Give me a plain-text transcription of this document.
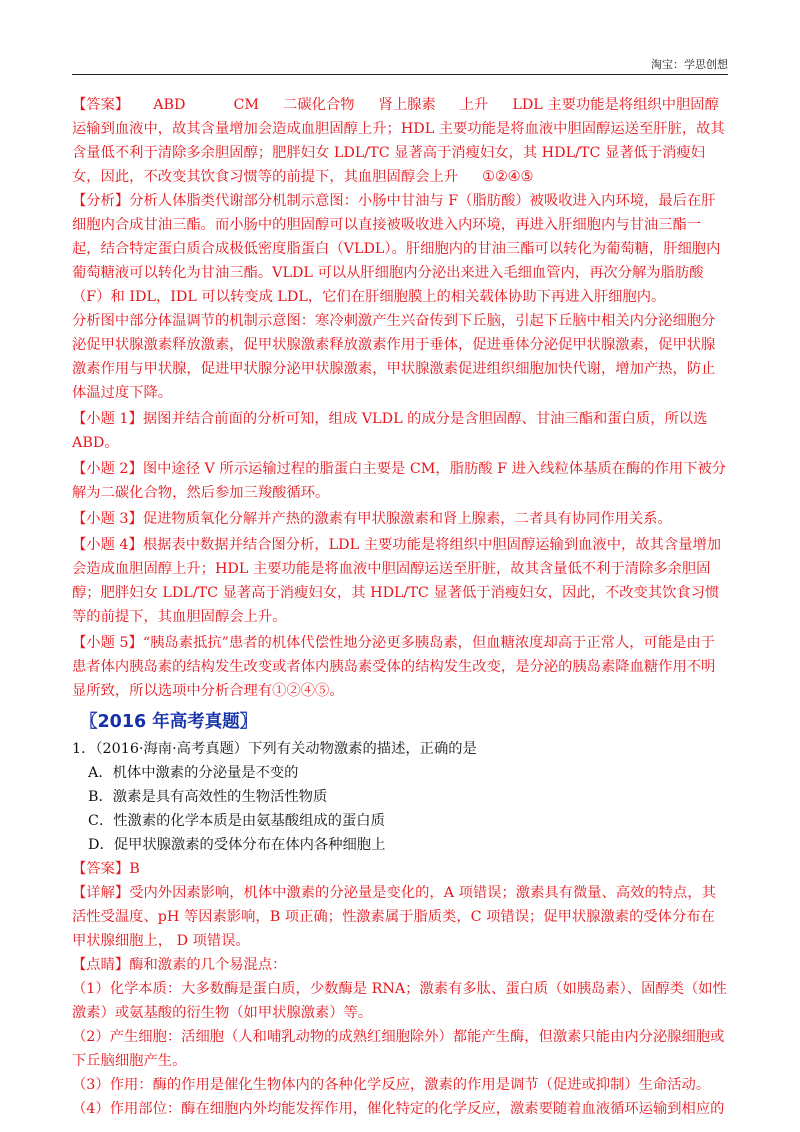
淘宝：学思创想

【答案】 ABD	CM 二碳化合物 肾上腺素 上升 LDL 主要功能是将组织中胆固醇运输到血液中，故其含量增加会造成血胆固醇上升；HDL 主要功能是将血液中胆固醇运送至肝脏，故其含量低不利于清除多余胆固醇；肥胖妇女 LDL/TC 显著高于消瘦妇女，其 HDL/TC 显著低于消瘦妇女，因此，不改变其饮食习惯等的前提下，其血胆固醇会上升 ①②④⑤

【分析】分析人体脂类代谢部分机制示意图：小肠中甘油与 F（脂肪酸）被吸收进入内环境，最后在肝细胞内合成甘油三酯。而小肠中的胆固醇可以直接被吸收进入内环境，再进入肝细胞内与甘油三酯一起，结合特定蛋白质合成极低密度脂蛋白（VLDL）。肝细胞内的甘油三酯可以转化为葡萄糖，肝细胞内 葡萄糖液可以转化为甘油三酯。VLDL 可以从肝细胞内分泌出来进入毛细血管内，再次分解为脂肪酸（F）和 IDL，IDL 可以转变成 LDL，它们在肝细胞膜上的相关载体协助下再进入肝细胞内。

分析图中部分体温调节的机制示意图：寒冷刺激产生兴奋传到下丘脑，引起下丘脑中相关内分泌细胞分泌促甲状腺激素释放激素，促甲状腺激素释放激素作用于垂体，促进垂体分泌促甲状腺激素，促甲状腺激素作用与甲状腺，促进甲状腺分泌甲状腺激素，甲状腺激素促进组织细胞加快代谢，增加产热，防止体温过度下降。

【小题 1】据图并结合前面的分析可知，组成 VLDL 的成分是含胆固醇、甘油三酯和蛋白质，所以选 ABD。

【小题 2】图中途径 V 所示运输过程的脂蛋白主要是 CM，脂肪酸 F 进入线粒体基质在酶的作用下被分解为二碳化合物，然后参加三羧酸循环。

【小题 3】促进物质氧化分解并产热的激素有甲状腺激素和肾上腺素，二者具有协同作用关系。

【小题 4】根据表中数据并结合图分析，LDL 主要功能是将组织中胆固醇运输到血液中，故其含量增加会造成血胆固醇上升；HDL 主要功能是将血液中胆固醇运送至肝脏，故其含量低不利于清除多余胆固醇；肥胖妇女 LDL/TC 显著高于消瘦妇女，其 HDL/TC 显著低于消瘦妇女，因此，不改变其饮食习惯等的前提下，其血胆固醇会上升。

【小题 5】“胰岛素抵抗”患者的机体代偿性地分泌更多胰岛素，但血糖浓度却高于正常人，可能是由于患者体内胰岛素的结构发生改变或者体内胰岛素受体的结构发生改变，是分泌的胰岛素降血糖作用不明显所致，所以选项中分析合理有①②④⑤。

〖2016 年高考真题〗

1．（2016·海南·高考真题）下列有关动物激素的描述，正确的是

A．机体中激素的分泌量是不变的

B．激素是具有高效性的生物活性物质

C．性激素的化学本质是由氨基酸组成的蛋白质

D．促甲状腺激素的受体分布在体内各种细胞上

【答案】B

【详解】受内外因素影响，机体中激素的分泌量是变化的，A 项错误；激素具有微量、高效的特点，其活性受温度、pH 等因素影响，B 项正确；性激素属于脂质类，C 项错误；促甲状腺激素的受体分布在甲状腺细胞上， D 项错误。

【点睛】酶和激素的几个易混点：

（1）化学本质：大多数酶是蛋白质，少数酶是 RNA；激素有多肽、蛋白质（如胰岛素）、固醇类（如性激素）或氨基酸的衍生物（如甲状腺激素）等。

（2）产生细胞：活细胞（人和哺乳动物的成熟红细胞除外）都能产生酶，但激素只能由内分泌腺细胞或下丘脑细胞产生。

（3）作用：酶的作用是催化生物体内的各种化学反应，激素的作用是调节（促进或抑制）生命活动。

（4）作用部位：酶在细胞内外均能发挥作用，催化特定的化学反应，激素要随着血液循环运输到相应的
